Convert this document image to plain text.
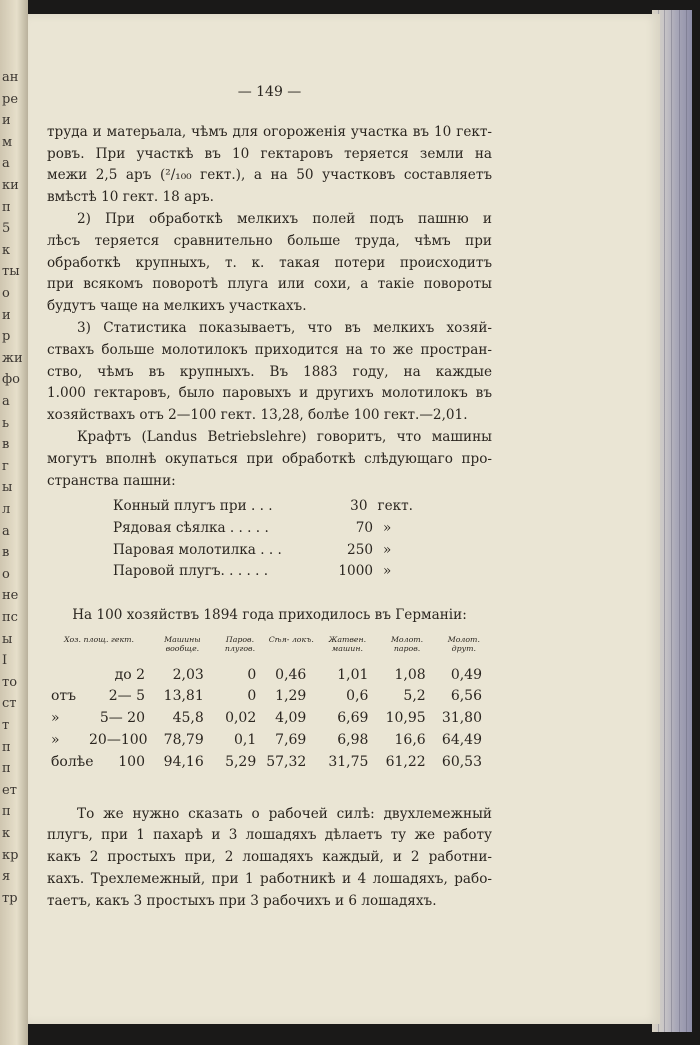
ан
ре
и
м
а
ки
п
5
к
ты
о
и
р
жи
фо
а
ь
в
г
ы
л
а
в
о
не
пс
ы
I
то
ст
т
п
п
ет
п
к
кр
я
тр
— 149 —
труда и матерьала, чѣмъ для огороженія участка въ 10 гект-
ровъ. При участкѣ въ 10 гектаровъ теряется земли на
межи 2,5 аръ (²/₁₀₀ гект.), а на 50 участковъ составляетъ
вмѣстѣ 10 гект. 18 аръ.
2) При обработкѣ мелкихъ полей подъ пашню и
лѣсъ теряется сравнительно больше труда, чѣмъ при
обработкѣ крупныхъ, т. к. такая потери происходитъ
при всякомъ поворотѣ плуга или сохи, а такіе повороты
будутъ чаще на мелкихъ участкахъ.
3) Статистика показываетъ, что въ мелкихъ хозяй-
ствахъ больше молотилокъ приходится на то же простран-
ство, чѣмъ въ крупныхъ. Въ 1883 году, на каждые
1.000 гектаровъ, было паровыхъ и другихъ молотилокъ въ
хозяйствахъ отъ 2—100 гект. 13,28, болѣе 100 гект.—2,01.
Крафтъ (Landus Betriebslehre) говоритъ, что машины
могутъ вполнѣ окупаться при обработкѣ слѣдующаго про-
странства пашни:
Конный плугъ при . . .	30 гект.
Рядовая сѣялка . . . . .	70 »
Паровая молотилка . . .	250 »
Паровой плугъ. . . . . .	1000 »
На 100 хозяйствъ 1894 года приходилось въ Германіи:
Хоз. площ. гект.	Машины вообще.	Паров. плугов.	Сѣя- локъ.	Жатвен. машин.	Молот. паров.	Молот. друт.
до 2	2,03	0	0,46	1,01	1,08	0,49
отъ 2— 5	13,81	0	1,29	0,6	5,2	6,56
» 5— 20	45,8	0,02	4,09	6,69	10,95	31,80
» 20—100	78,79	0,1	7,69	6,98	16,6	64,49
болѣе 100	94,16	5,29	57,32	31,75	61,22	60,53
То же нужно сказать о рабочей силѣ: двухлемежный
плугъ, при 1 пахарѣ и 3 лошадяхъ дѣлаетъ ту же работу
какъ 2 простыхъ при, 2 лошадяхъ каждый, и 2 работни-
кахъ. Трехлемежный, при 1 работникѣ и 4 лошадяхъ, рабо-
таетъ, какъ 3 простыхъ при 3 рабочихъ и 6 лошадяхъ.
